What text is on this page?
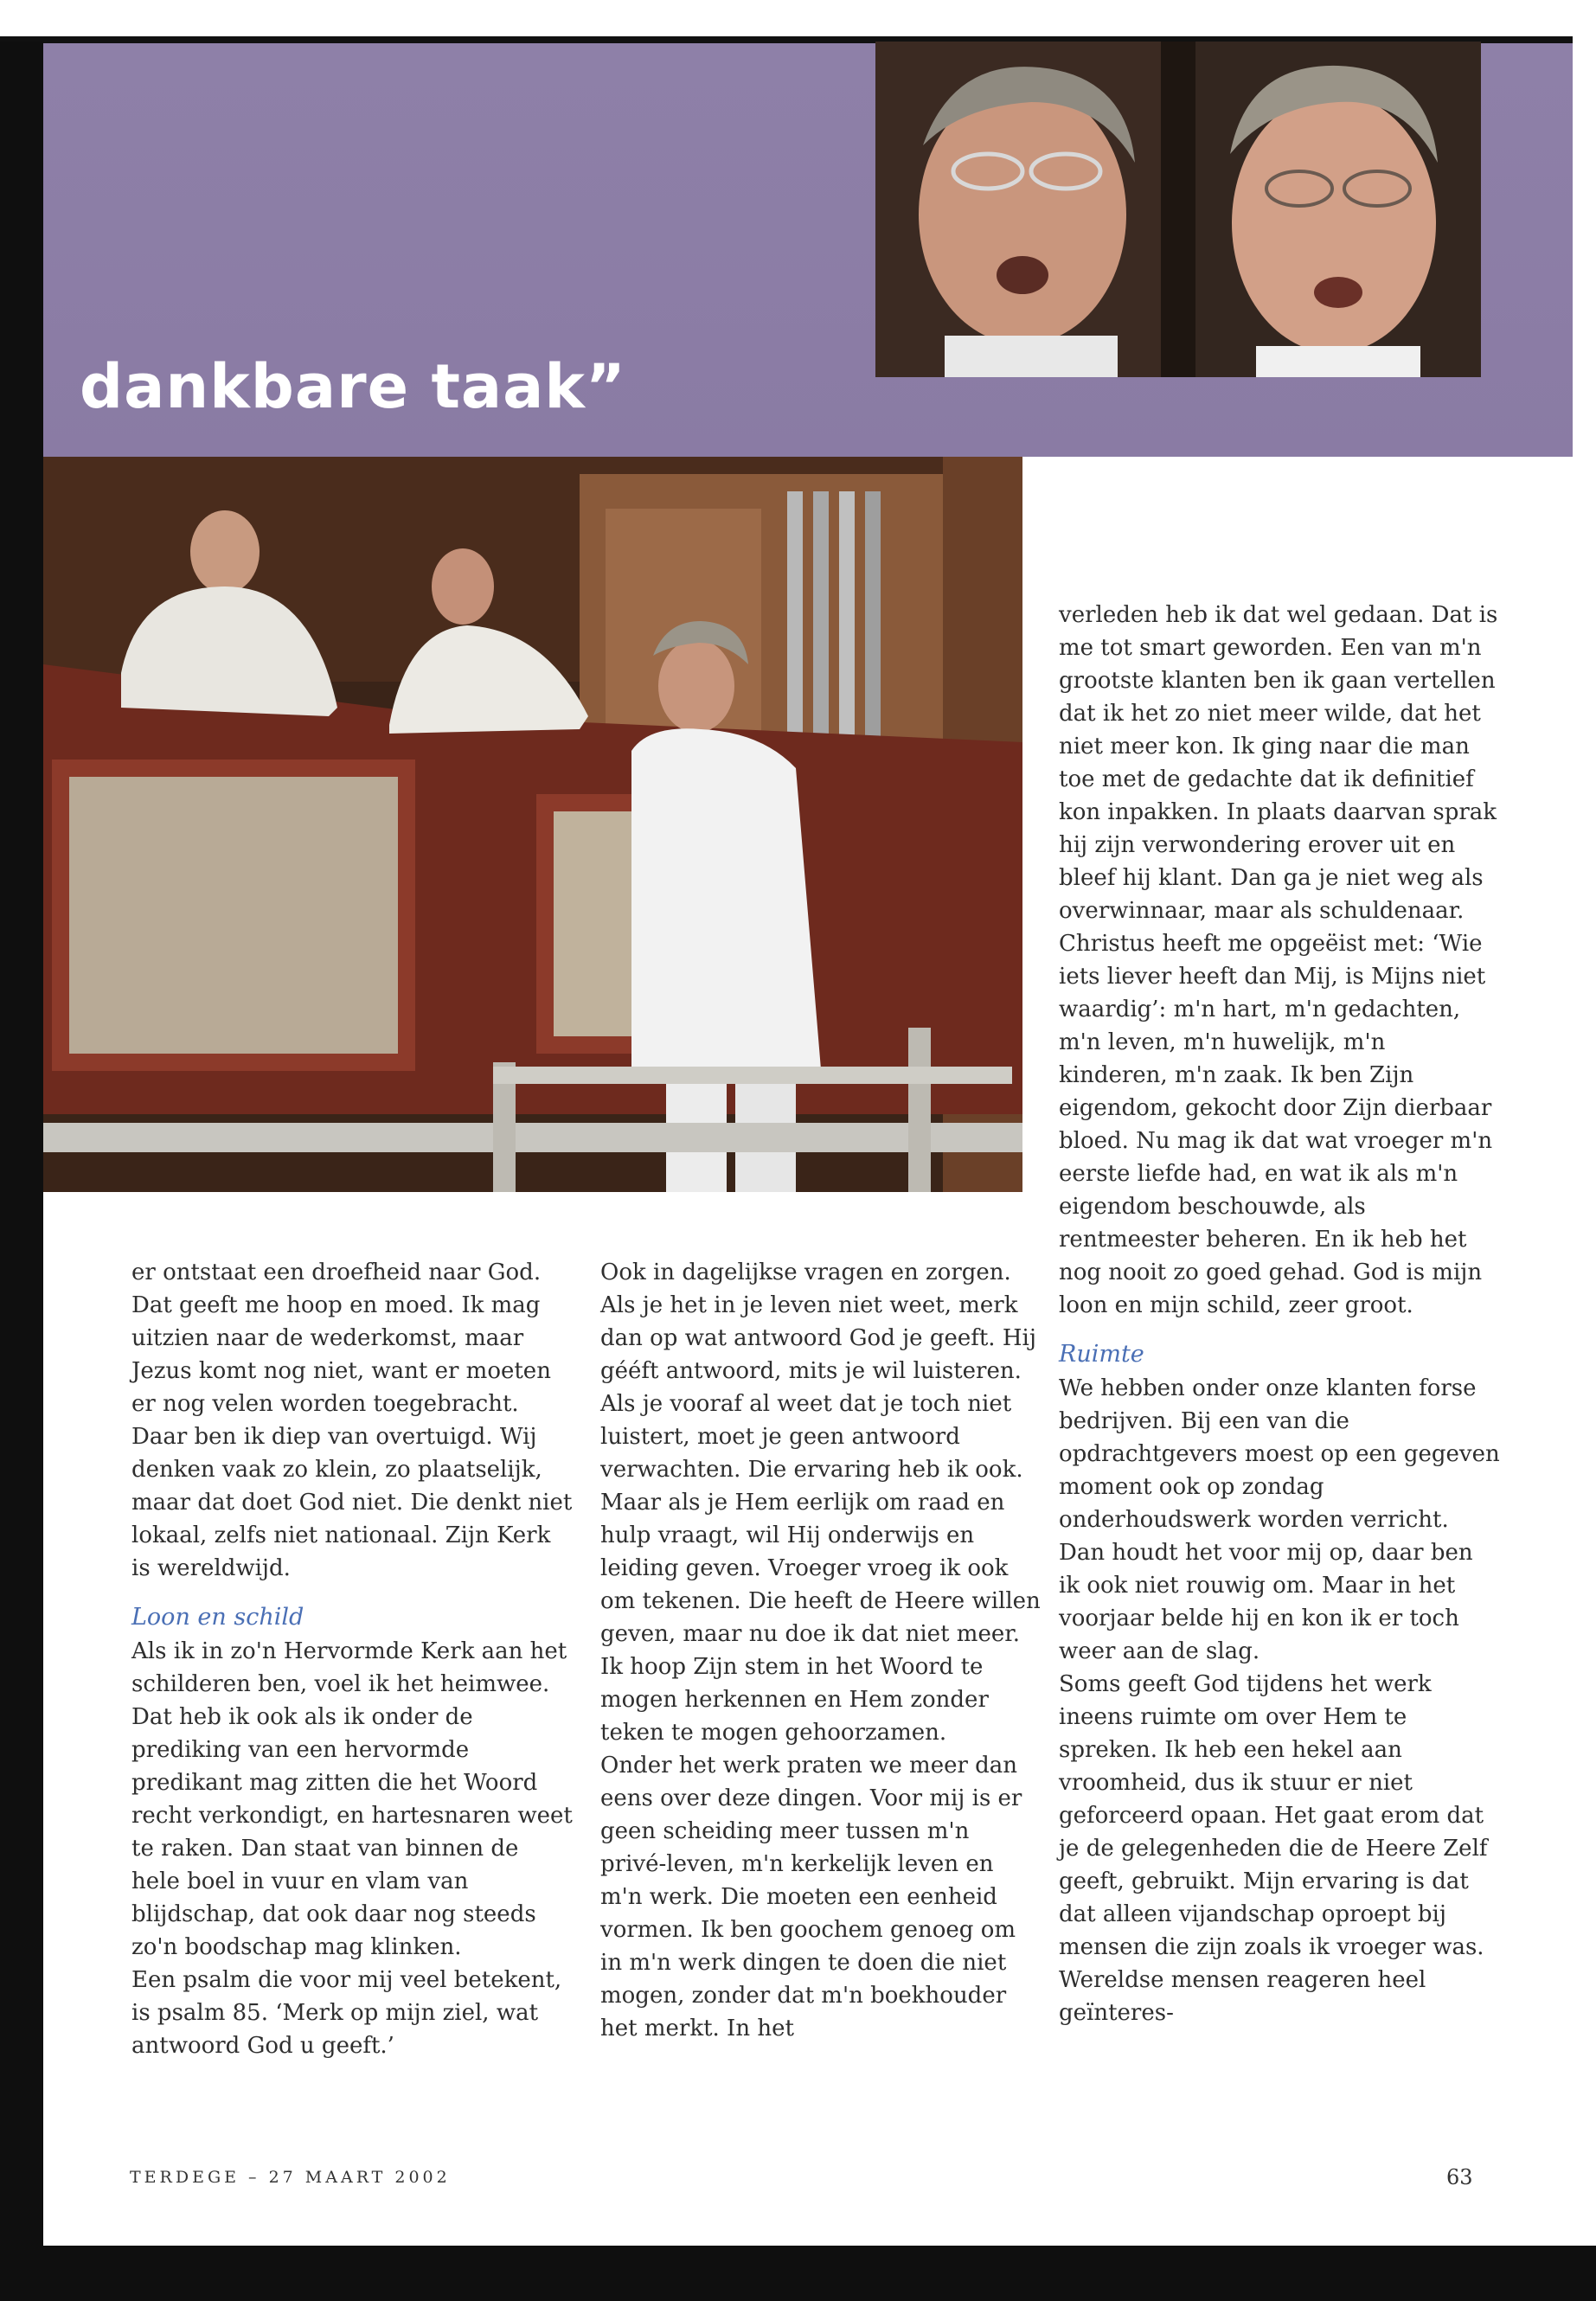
dankbare taak”

er ontstaat een droefheid naar God. Dat geeft me hoop en moed. Ik mag uitzien naar de wederkomst, maar Jezus komt nog niet, want er moeten er nog velen worden toegebracht. Daar ben ik diep van overtuigd. Wij denken vaak zo klein, zo plaatselijk, maar dat doet God niet. Die denkt niet lokaal, zelfs niet nationaal. Zijn Kerk is wereldwijd.

Loon en schild

Als ik in zo'n Hervormde Kerk aan het schilderen ben, voel ik het heimwee. Dat heb ik ook als ik onder de prediking van een hervormde predikant mag zitten die het Woord recht verkondigt, en hartesnaren weet te raken. Dan staat van binnen de hele boel in vuur en vlam van blijdschap, dat ook daar nog steeds zo'n boodschap mag klinken.

Een psalm die voor mij veel betekent, is psalm 85. ‘Merk op mijn ziel, wat antwoord God u geeft.’

Ook in dagelijkse vragen en zorgen. Als je het in je leven niet weet, merk dan op wat antwoord God je geeft. Hij gééft antwoord, mits je wil luisteren. Als je vooraf al weet dat je toch niet luistert, moet je geen antwoord verwachten. Die ervaring heb ik ook. Maar als je Hem eerlijk om raad en hulp vraagt, wil Hij onderwijs en leiding geven. Vroeger vroeg ik ook om tekenen. Die heeft de Heere willen geven, maar nu doe ik dat niet meer. Ik hoop Zijn stem in het Woord te mogen herkennen en Hem zonder teken te mogen gehoorzamen.

Onder het werk praten we meer dan eens over deze dingen. Voor mij is er geen scheiding meer tussen m'n privé-leven, m'n kerkelijk leven en m'n werk. Die moeten een eenheid vormen. Ik ben goochem genoeg om in m'n werk dingen te doen die niet mogen, zonder dat m'n boekhouder het merkt. In het

verleden heb ik dat wel gedaan. Dat is me tot smart geworden. Een van m'n grootste klanten ben ik gaan vertellen dat ik het zo niet meer wilde, dat het niet meer kon. Ik ging naar die man toe met de gedachte dat ik definitief kon inpakken. In plaats daarvan sprak hij zijn verwondering erover uit en bleef hij klant. Dan ga je niet weg als overwinnaar, maar als schuldenaar. Christus heeft me opgeëist met: ‘Wie iets liever heeft dan Mij, is Mijns niet waardig’: m'n hart, m'n gedachten, m'n leven, m'n huwelijk, m'n kinderen, m'n zaak. Ik ben Zijn eigendom, gekocht door Zijn dierbaar bloed. Nu mag ik dat wat vroeger m'n eerste liefde had, en wat ik als m'n eigendom beschouwde, als rentmeester beheren. En ik heb het nog nooit zo goed gehad. God is mijn loon en mijn schild, zeer groot.

Ruimte

We hebben onder onze klanten forse bedrijven. Bij een van die opdrachtgevers moest op een gegeven moment ook op zondag onderhoudswerk worden verricht. Dan houdt het voor mij op, daar ben ik ook niet rouwig om. Maar in het voorjaar belde hij en kon ik er toch weer aan de slag.

Soms geeft God tijdens het werk ineens ruimte om over Hem te spreken. Ik heb een hekel aan vroomheid, dus ik stuur er niet geforceerd opaan. Het gaat erom dat je de gelegenheden die de Heere Zelf geeft, gebruikt. Mijn ervaring is dat dat alleen vijandschap oproept bij mensen die zijn zoals ik vroeger was. Wereldse mensen reageren heel geïnteres-

TERDEGE – 27 MAART 2002	63
